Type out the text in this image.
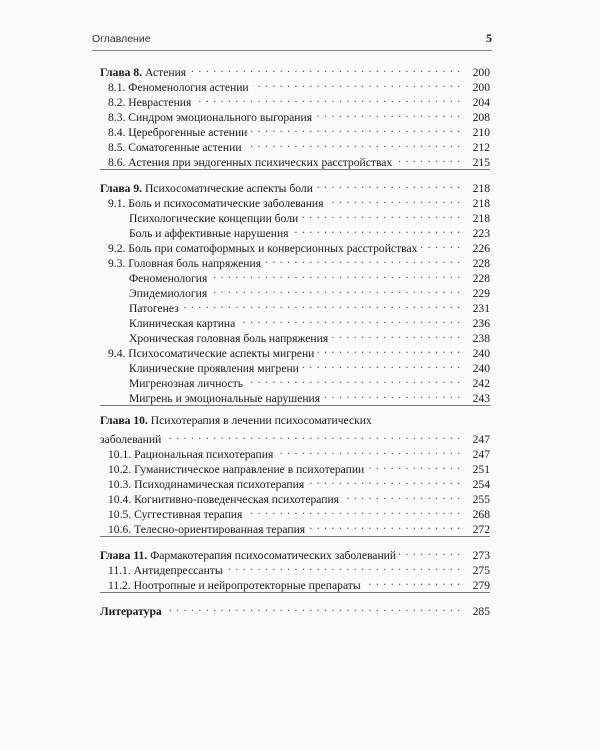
Оглавление	5
Глава 8. Астения . . .	200
8.1. Феноменология астении . . .	200
8.2. Неврастения . . .	204
8.3. Синдром эмоционального выгорания . . .	208
8.4. Цереброгенные астении . . .	210
8.5. Соматогенные астении . . .	212
8.6. Астения при эндогенных психических расстройствах . . .	215
Глава 9. Психосоматические аспекты боли . . .	218
9.1. Боль и психосоматические заболевания . . .	218
Психологические концепции боли . . .	218
Боль и аффективные нарушения . . .	223
9.2. Боль при соматоформных и конверсионных расстройствах . . .	226
9.3. Головная боль напряжения . . .	228
Феноменология . . .	228
Эпидемиология . . .	229
Патогенез . . .	231
Клиническая картина . . .	236
Хроническая головная боль напряжения . . .	238
9.4. Психосоматические аспекты мигрени . . .	240
Клинические проявления мигрени . . .	240
Мигренозная личность . . .	242
Мигрень и эмоциональные нарушения . . .	243
Глава 10. Психотерапия в лечении психосоматических
заболеваний . . .	247
10.1. Рациональная психотерапия . . .	247
10.2. Гуманистическое направление в психотерапии . . .	251
10.3. Психодинамическая психотерапия . . .	254
10.4. Когнитивно-поведенческая психотерапия . . .	255
10.5. Суггестивная терапия . . .	268
10.6. Телесно-ориентированная терапия . . .	272
Глава 11. Фармакотерапия психосоматических заболеваний . . .	273
11.1. Антидепрессанты . . .	275
11.2. Ноотропные и нейропротекторные препараты . . .	279
Литература . . .	285
